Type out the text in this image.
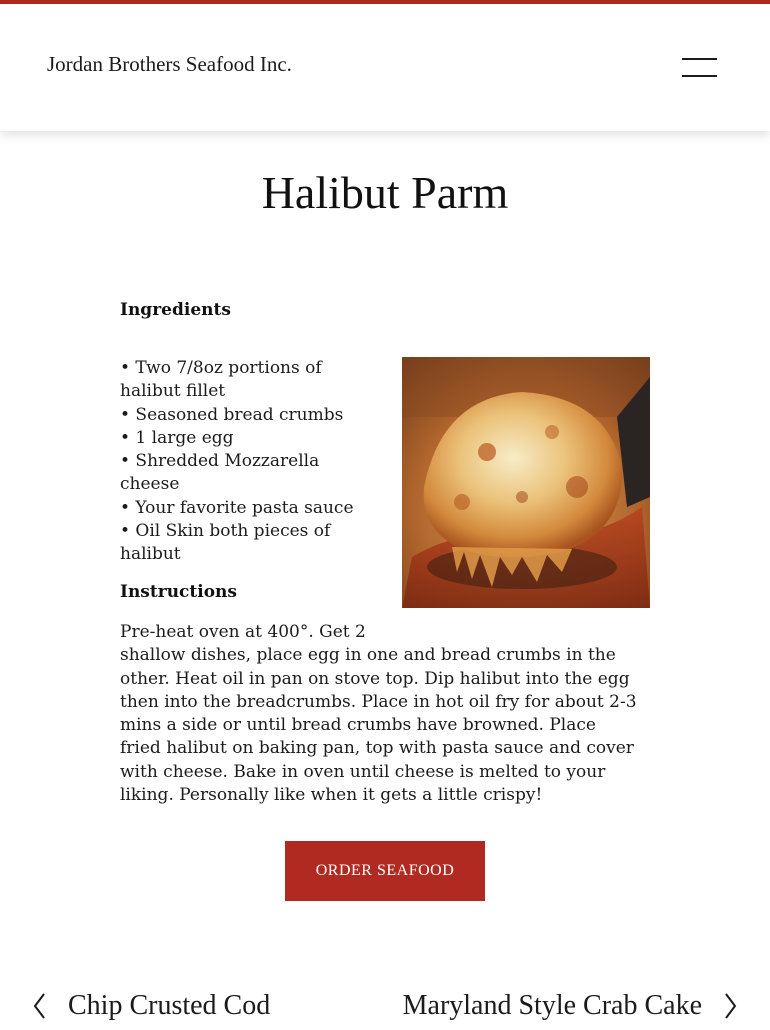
Jordan Brothers Seafood Inc.
Halibut Parm
Ingredients
• Two 7/8oz portions of halibut fillet
• Seasoned bread crumbs
• 1 large egg
• Shredded Mozzarella cheese
• Your favorite pasta sauce
• Oil Skin both pieces of halibut
Instructions

Pre-heat oven at 400°. Get 2
shallow dishes, place egg in one and bread crumbs in the other. Heat oil in pan on stove top. Dip halibut into the egg then into the breadcrumbs. Place in hot oil fry for about 2-3 mins a side or until bread crumbs have browned. Place fried halibut on baking pan, top with pasta sauce and cover with cheese. Bake in oven until cheese is melted to your liking. Personally like when it gets a little crispy!

ORDER SEAFOOD
Chip Crusted Cod	Maryland Style Crab Cake
